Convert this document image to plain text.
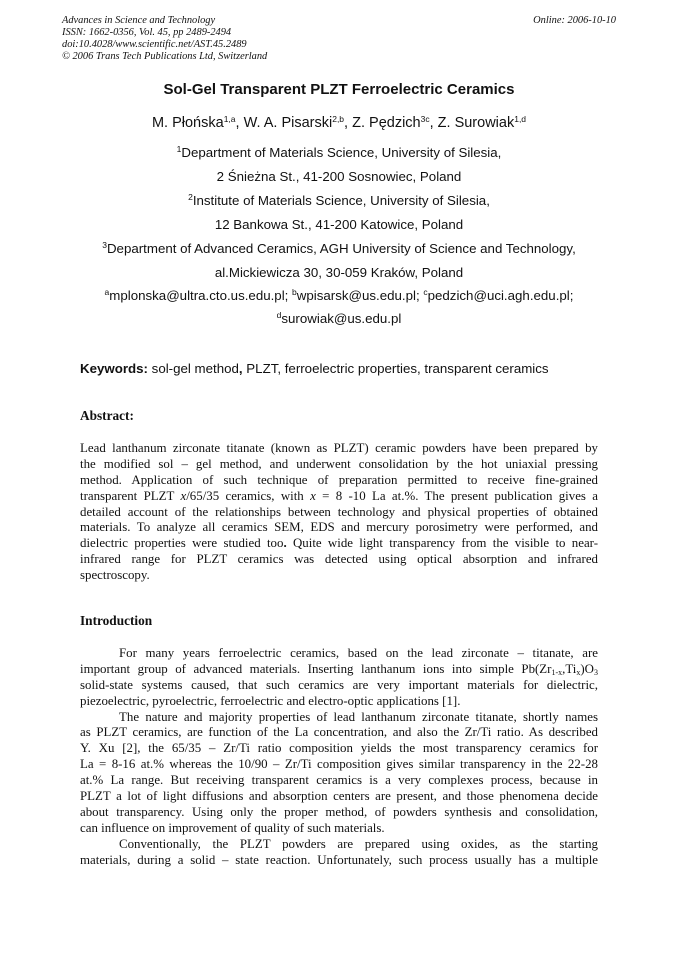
Advances in Science and Technology
ISSN: 1662-0356, Vol. 45, pp 2489-2494
doi:10.4028/www.scientific.net/AST.45.2489
© 2006 Trans Tech Publications Ltd, Switzerland
Online: 2006-10-10
Sol-Gel Transparent PLZT Ferroelectric Ceramics
M. Płońska$^{1,a}$, W. A. Pisarski$^{2,b}$, Z. Pędzich$^{3c}$, Z. Surowiak$^{1,d}$
$^1$Department of Materials Science, University of Silesia,
2 Śnieżna St., 41-200 Sosnowiec, Poland
$^2$Institute of Materials Science, University of Silesia,
12 Bankowa St., 41-200 Katowice, Poland
$^3$Department of Advanced Ceramics, AGH University of Science and Technology,
al.Mickiewicza 30, 30-059 Kraków, Poland
$^a$mplonska@ultra.cto.us.edu.pl; $^b$wpisarsk@us.edu.pl; $^c$pedzich@uci.agh.edu.pl;
$^d$surowiak@us.edu.pl
Keywords: sol-gel method, PLZT, ferroelectric properties, transparent ceramics
Abstract:
Lead lanthanum zirconate titanate (known as PLZT) ceramic powders have been prepared by
the modified sol – gel method, and underwent consolidation by the hot uniaxial pressing
method. Application of such technique of preparation permitted to receive fine-grained
transparent PLZT x/65/35 ceramics, with x = 8 -10 La at.%. The present publication gives a
detailed account of the relationships between technology and physical properties of obtained
materials. To analyze all ceramics SEM, EDS and mercury porosimetry were performed, and
dielectric properties were studied too. Quite wide light transparency from the visible to near-
infrared range for PLZT ceramics was detected using optical absorption and infrared
spectroscopy.
Introduction
For many years ferroelectric ceramics, based on the lead zirconate – titanate, are
important group of advanced materials. Inserting lanthanum ions into simple $Pb(Zr_{1-x},Ti_x)O_3$
solid-state systems caused, that such ceramics are very important materials for dielectric,
piezoelectric, pyroelectric, ferroelectric and electro-optic applications [1].
The nature and majority properties of lead lanthanum zirconate titanate, shortly names
as PLZT ceramics, are function of the La concentration, and also the Zr/Ti ratio. As described
Y. Xu [2], the 65/35 – Zr/Ti ratio composition yields the most transparency ceramics for
La = 8-16 at.% whereas the 10/90 – Zr/Ti composition gives similar transparency in the 22-28
at.% La range. But receiving transparent ceramics is a very complexes process, because in
PLZT a lot of light diffusions and absorption centers are present, and those phenomena decide
about transparency. Using only the proper method, of powders synthesis and consolidation,
can influence on improvement of quality of such materials.
Conventionally, the PLZT powders are prepared using oxides, as the starting
materials, during a solid – state reaction. Unfortunately, such process usually has a multiple
